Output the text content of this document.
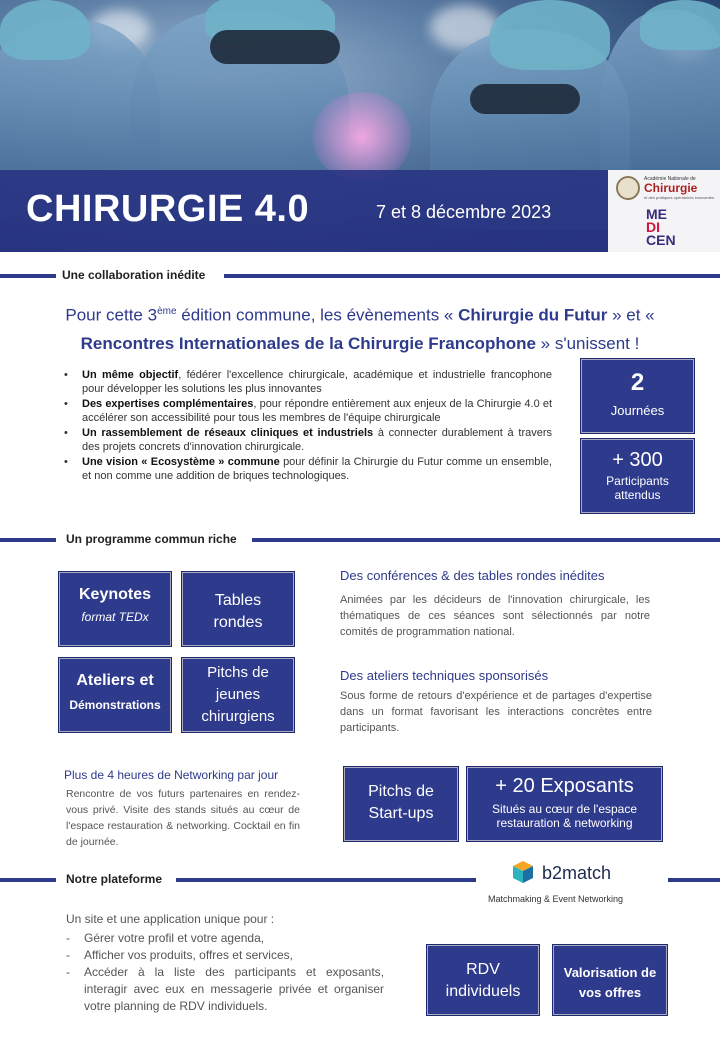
CHIRURGIE 4.0	7 et 8 décembre 2023
Académie Nationale de
Chirurgie
et des pratiques opératoires innovantes
ME
DI
CEN
Une collaboration inédite
Pour cette 3ème édition commune, les évènements « Chirurgie du Futur » et « Rencontres Internationales de la Chirurgie Francophone » s'unissent !
• Un même objectif, fédérer l'excellence chirurgicale, académique et industrielle francophone pour développer les solutions les plus innovantes
• Des expertises complémentaires, pour répondre entièrement aux enjeux de la Chirurgie 4.0 et accélérer son accessibilité pour tous les membres de l'équipe chirurgicale
• Un rassemblement de réseaux cliniques et industriels à connecter durablement à travers des projets concrets d'innovation chirurgicale.
• Une vision « Ecosystème » commune pour définir la Chirurgie du Futur comme un ensemble, et non comme une addition de briques technologiques.
2
Journées
+ 300
Participants
attendus
Un programme commun riche
Keynotes
format TEDx
Tables
rondes
Ateliers et
Démonstrations
Pitchs de
jeunes
chirurgiens
Des conférences & des tables rondes inédites
Animées par les décideurs de l'innovation chirurgicale, les thématiques de ces séances sont sélectionnés par notre comités de programmation national.
Des ateliers techniques sponsorisés
Sous forme de retours d'expérience et de partages d'expertise dans un format favorisant les interactions concrètes entre participants.
Plus de 4 heures de Networking par jour
Rencontre de vos futurs partenaires en rendez-vous privé. Visite des stands situés au cœur de l'espace restauration & networking. Cocktail en fin de journée.
Pitchs de
Start-ups
+ 20 Exposants
Situés au cœur de l'espace
restauration & networking
Notre plateforme	b2match
Matchmaking & Event Networking
Un site et une application unique pour :
- Gérer votre profil et votre agenda,
- Afficher vos produits, offres et services,
- Accéder à la liste des participants et exposants, interagir avec eux en messagerie privée et organiser votre planning de RDV individuels.
RDV
individuels
Valorisation de
vos offres
